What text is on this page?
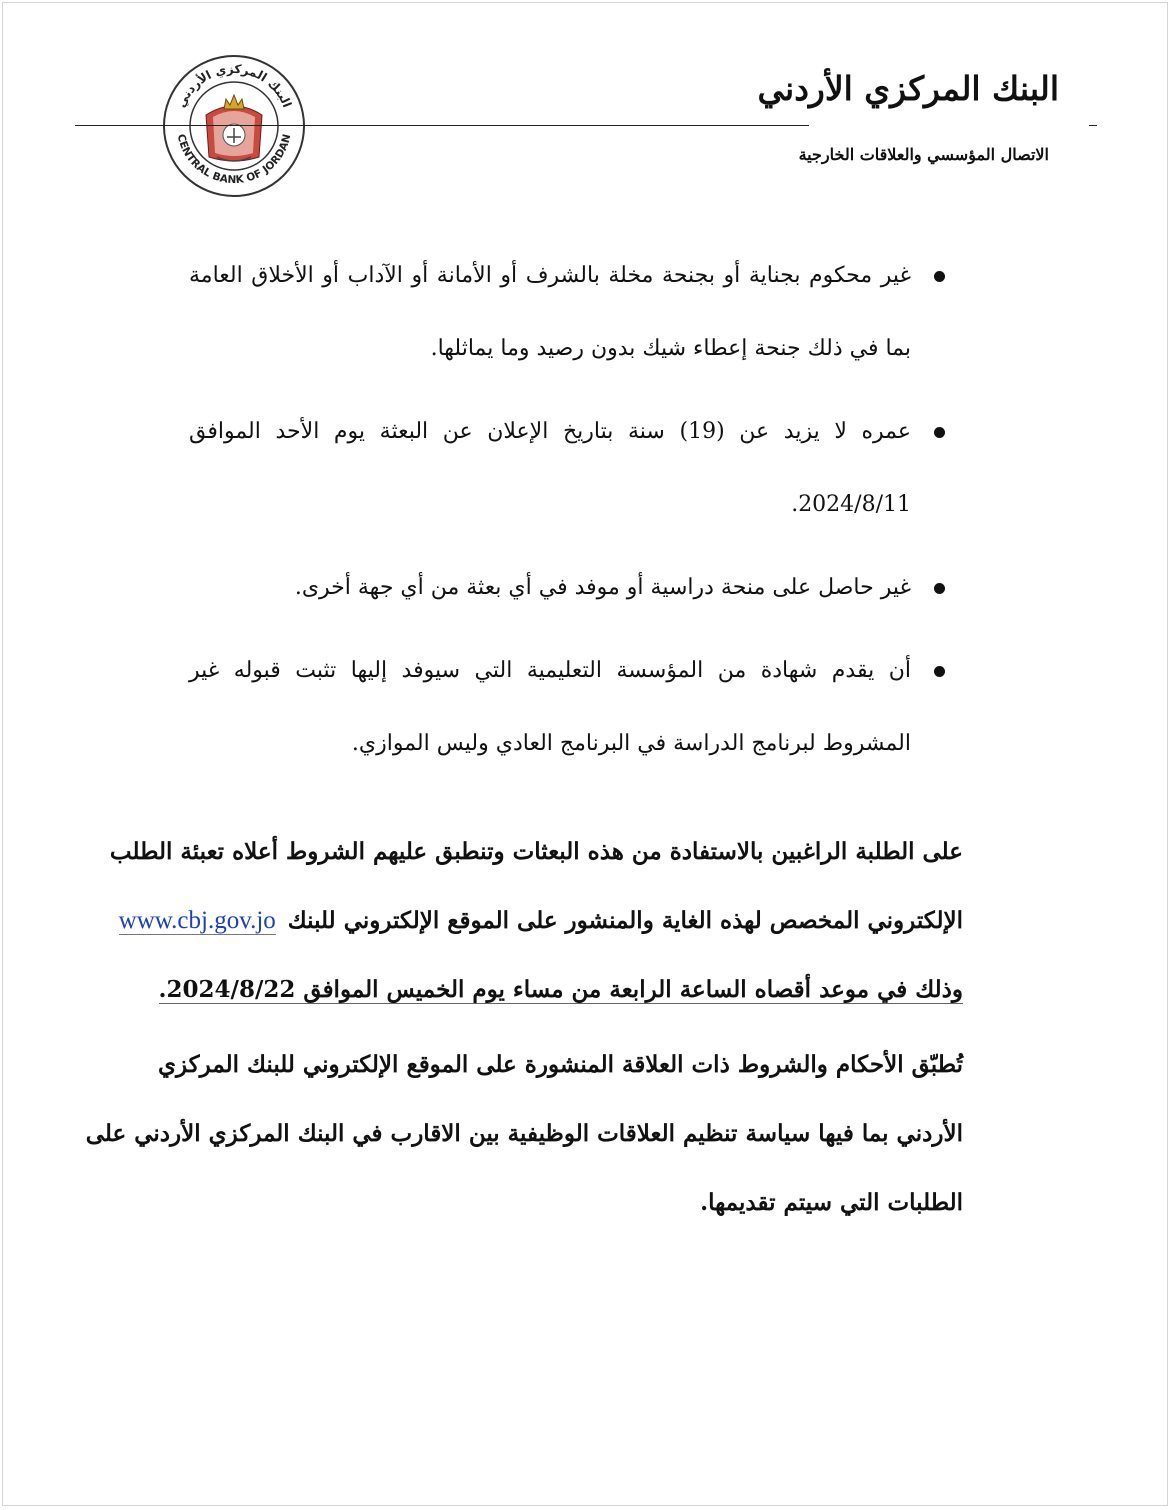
البنك المركزي الأردني
CENTRAL BANK OF JORDAN
البنك المركزي الأردني
الاتصال المؤسسي والعلاقات الخارجية
غير محكوم بجناية أو بجنحة مخلة بالشرف أو الأمانة أو الآداب أو الأخلاق العامة بما في ذلك جنحة إعطاء شيك بدون رصيد وما يماثلها.
عمره لا يزيد عن (19) سنة بتاريخ الإعلان عن البعثة يوم الأحد الموافق 2024/8/11.
غير حاصل على منحة دراسية أو موفد في أي بعثة من أي جهة أخرى.
أن يقدم شهادة من المؤسسة التعليمية التي سيوفد إليها تثبت قبوله غير المشروط لبرنامج الدراسة في البرنامج العادي وليس الموازي.
على الطلبة الراغبين بالاستفادة من هذه البعثات وتنطبق عليهم الشروط أعلاه تعبئة الطلب
الإلكتروني المخصص لهذه الغاية والمنشور على الموقع الإلكتروني للبنكwww.cbj.gov.jo
وذلك في موعد أقصاه الساعة الرابعة من مساء يوم الخميس الموافق 2024/8/22.
تُطبّق الأحكام والشروط ذات العلاقة المنشورة على الموقع الإلكتروني للبنك المركزي
الأردني بما فيها سياسة تنظيم العلاقات الوظيفية بين الاقارب في البنك المركزي الأردني على
الطلبات التي سيتم تقديمها.
